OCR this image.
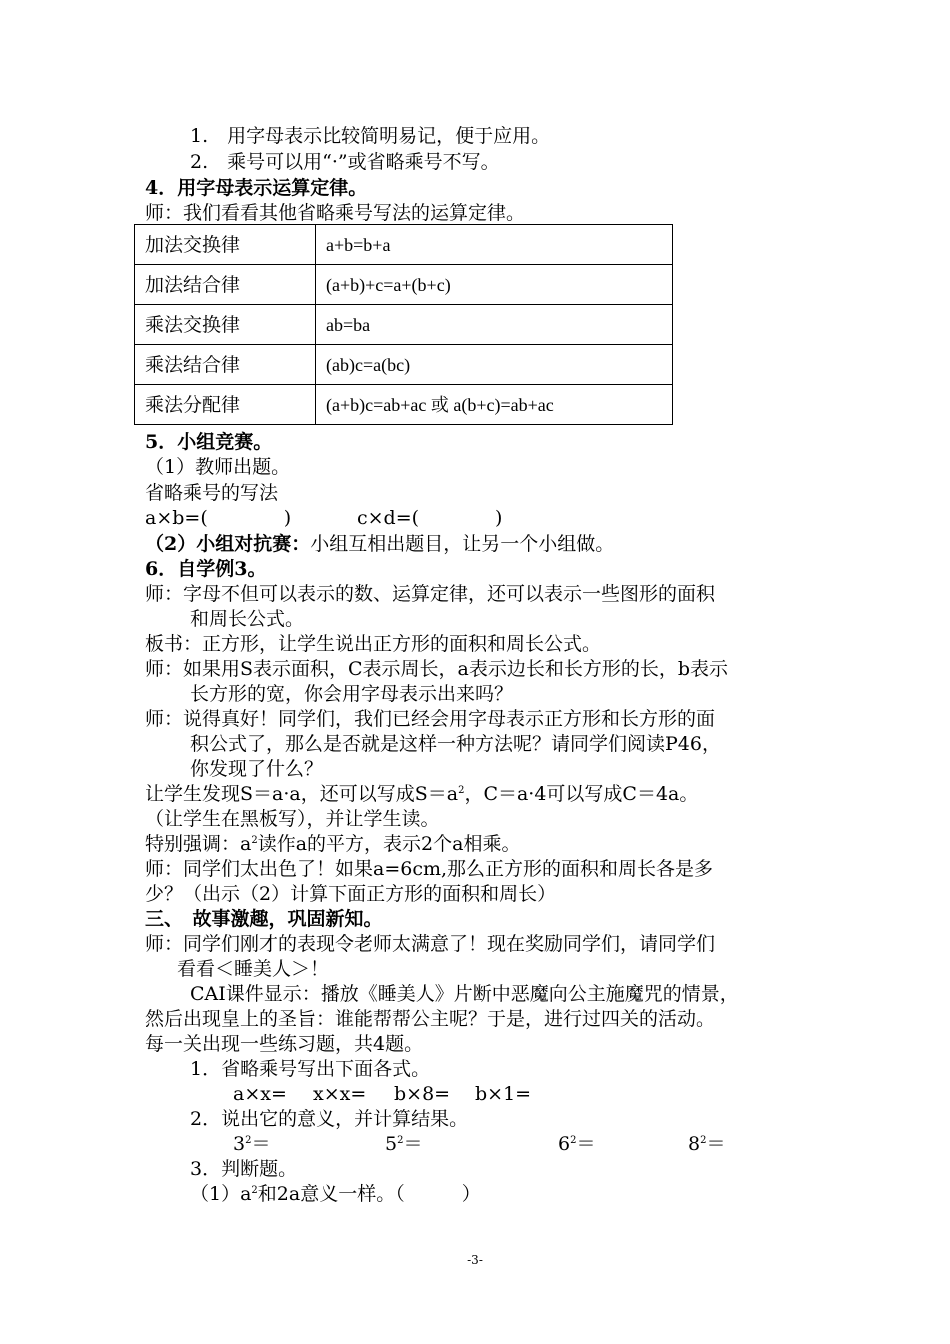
1.　用字母表示比较简明易记，便于应用。
2.　乘号可以用“·”或省略乘号不写。
4．用字母表示运算定律。
师：我们看看其他省略乘号写法的运算定律。
加法交换律	a+b=b+a
加法结合律	(a+b)+c=a+(b+c)
乘法交换律	ab=ba
乘法结合律	(ab)c=a(bc)
乘法分配律	(a+b)c=ab+ac 或 a(b+c)=ab+ac
5．小组竞赛。
（1）教师出题。
省略乘号的写法
a×b=(　　　　)	c×d=(　　　　)
（2）小组对抗赛：小组互相出题目，让另一个小组做。
6．自学例3。
师：字母不但可以表示的数、运算定律，还可以表示一些图形的面积
和周长公式。
板书：正方形，让学生说出正方形的面积和周长公式。
师：如果用S表示面积，C表示周长，a表示边长和长方形的长，b表示
长方形的宽，你会用字母表示出来吗？
师：说得真好！同学们，我们已经会用字母表示正方形和长方形的面
积公式了，那么是否就是这样一种方法呢？请同学们阅读P46，
你发现了什么？
让学生发现S＝a·a，还可以写成$S=a^2$，C＝a·4可以写成C＝4a。
（让学生在黑板写），并让学生读。
特别强调：$a^2$读作a的平方，表示2个a相乘。
师：同学们太出色了！如果a=6cm,那么正方形的面积和周长各是多
少？（出示（2）计算下面正方形的面积和周长）
三、　故事激趣，巩固新知。
师：同学们刚才的表现令老师太满意了！现在奖励同学们，请同学们
看看＜睡美人＞！
CAI课件显示：播放《睡美人》片断中恶魔向公主施魔咒的情景，
然后出现皇上的圣旨：谁能帮帮公主呢？于是，进行过四关的活动。
每一关出现一些练习题，共4题。
1．省略乘号写出下面各式。
a×x= x×x= b×8= b×1=
2．说出它的意义，并计算结果。
$3^2=$	$5^2=$	$6^2=$	$8^2=$
3．判断题。
$(1)a^2$和2a意义一样。（　　　）
-3-
